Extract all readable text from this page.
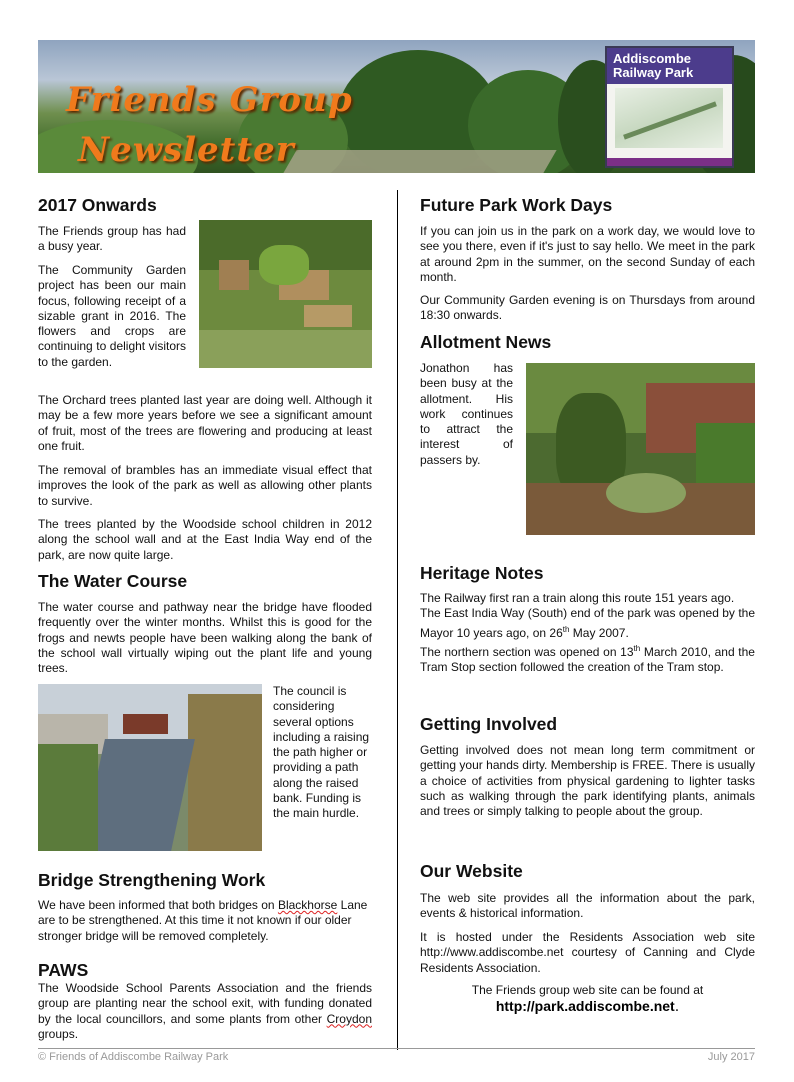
Friends Group
Newsletter
Addiscombe
Railway Park
2017 Onwards

The Friends group has had a busy year.

The Community Garden project has been our main focus, following receipt of a sizable grant in 2016. The flowers and crops are continuing to delight visitors to the garden.

The Orchard trees planted last year are doing well. Although it may be a few more years before we see a significant amount of fruit, most of the trees are flowering and producing at least one fruit.

The removal of brambles has an immediate visual effect that improves the look of the park as well as allowing other plants to survive.

The trees planted by the Woodside school children in 2012 along the school wall and at the East India Way end of the park, are now quite large.

The Water Course

The water course and pathway near the bridge have flooded frequently over the winter months. Whilst this is good for the frogs and newts people have been walking along the bank of the school wall virtually wiping out the plant life and young trees.

The council is considering several options including a raising the path higher or providing a path along the raised bank. Funding is the main hurdle.

Bridge Strengthening Work

We have been informed that both bridges on Blackhorse Lane are to be strengthened. At this time it not known if our older stronger bridge will be removed completely.

PAWS

The Woodside School Parents Association and the friends group are planting near the school exit, with funding donated by the local councillors, and some plants from other Croydon groups.

Future Park Work Days

If you can join us in the park on a work day, we would love to see you there, even if it's just to say hello. We meet in the park at around 2pm in the summer, on the second Sunday of each month.

Our Community Garden evening is on Thursdays from around 18:30 onwards.

Allotment News

Jonathon has been busy at the allotment. His work continues to attract the interest of passers by.

Heritage Notes

The Railway first ran a train along this route 151 years ago.

The East India Way (South) end of the park was opened by the Mayor 10 years ago, on 26th May 2007.

The northern section was opened on 13th March 2010, and the Tram Stop section followed the creation of the Tram stop.

Getting Involved

Getting involved does not mean long term commitment or getting your hands dirty. Membership is FREE. There is usually a choice of activities from physical gardening to lighter tasks such as walking through the park identifying plants, animals and trees or simply talking to people about the group.

Our Website

The web site provides all the information about the park, events & historical information.

It is hosted under the Residents Association web site http://www.addiscombe.net courtesy of Canning and Clyde Residents Association.

The Friends group web site can be found at

http://park.addiscombe.net.
© Friends of Addiscombe Railway Park	July 2017
